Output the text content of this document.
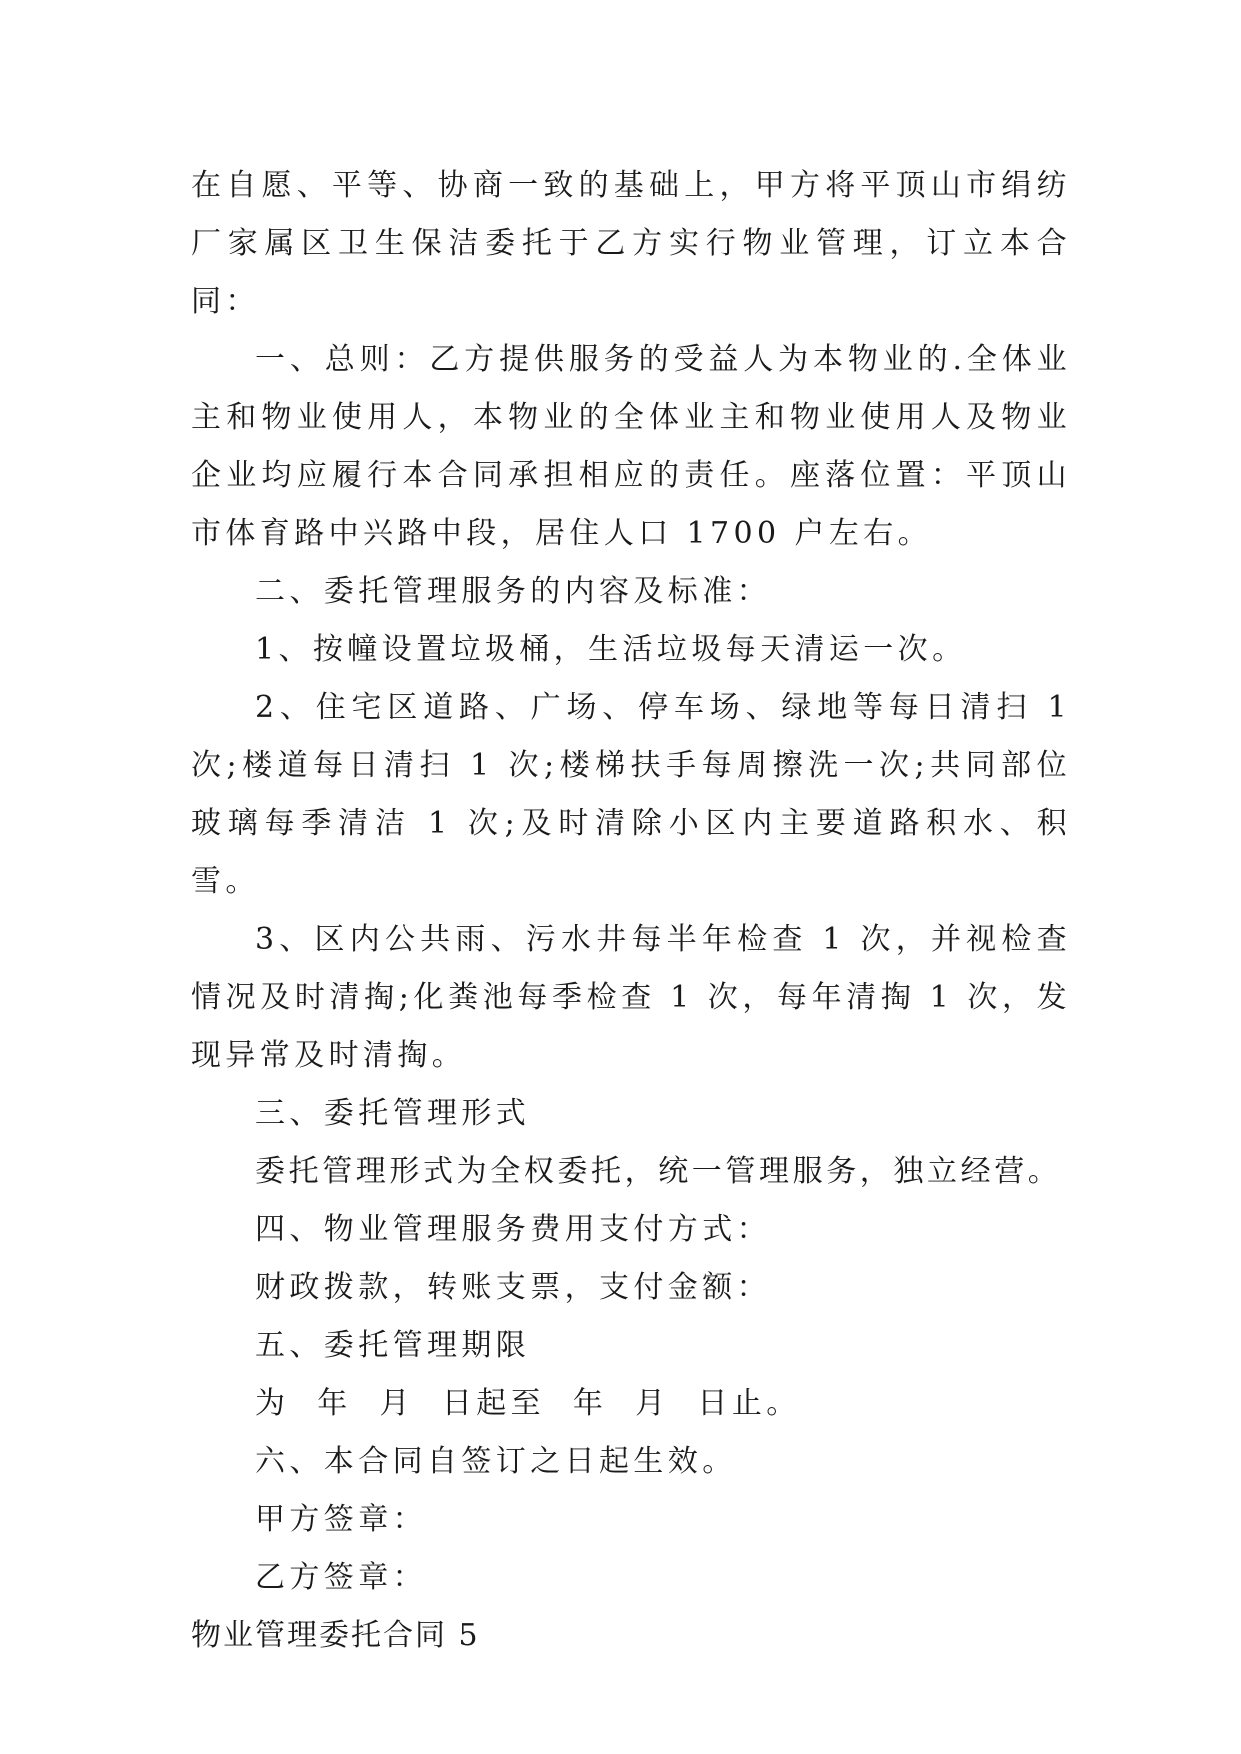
在自愿、平等、协商一致的基础上，甲方将平顶山市绢纺厂家属区卫生保洁委托于乙方实行物业管理，订立本合同：

一、总则：乙方提供服务的受益人为本物业的.全体业主和物业使用人，本物业的全体业主和物业使用人及物业企业均应履行本合同承担相应的责任。座落位置：平顶山市体育路中兴路中段，居住人口 1700 户左右。

二、委托管理服务的内容及标准：

1、按幢设置垃圾桶，生活垃圾每天清运一次。

2、住宅区道路、广场、停车场、绿地等每日清扫 1 次;楼道每日清扫 1 次;楼梯扶手每周擦洗一次;共同部位玻璃每季清洁 1 次;及时清除小区内主要道路积水、积雪。

3、区内公共雨、污水井每半年检查 1 次，并视检查情况及时清掏;化粪池每季检查 1 次，每年清掏 1 次，发现异常及时清掏。

三、委托管理形式

委托管理形式为全权委托，统一管理服务，独立经营。

四、物业管理服务费用支付方式：

财政拨款，转账支票，支付金额：

五、委托管理期限

为  年  月  日起至  年  月  日止。

六、本合同自签订之日起生效。

甲方签章：

乙方签章：

物业管理委托合同 5
